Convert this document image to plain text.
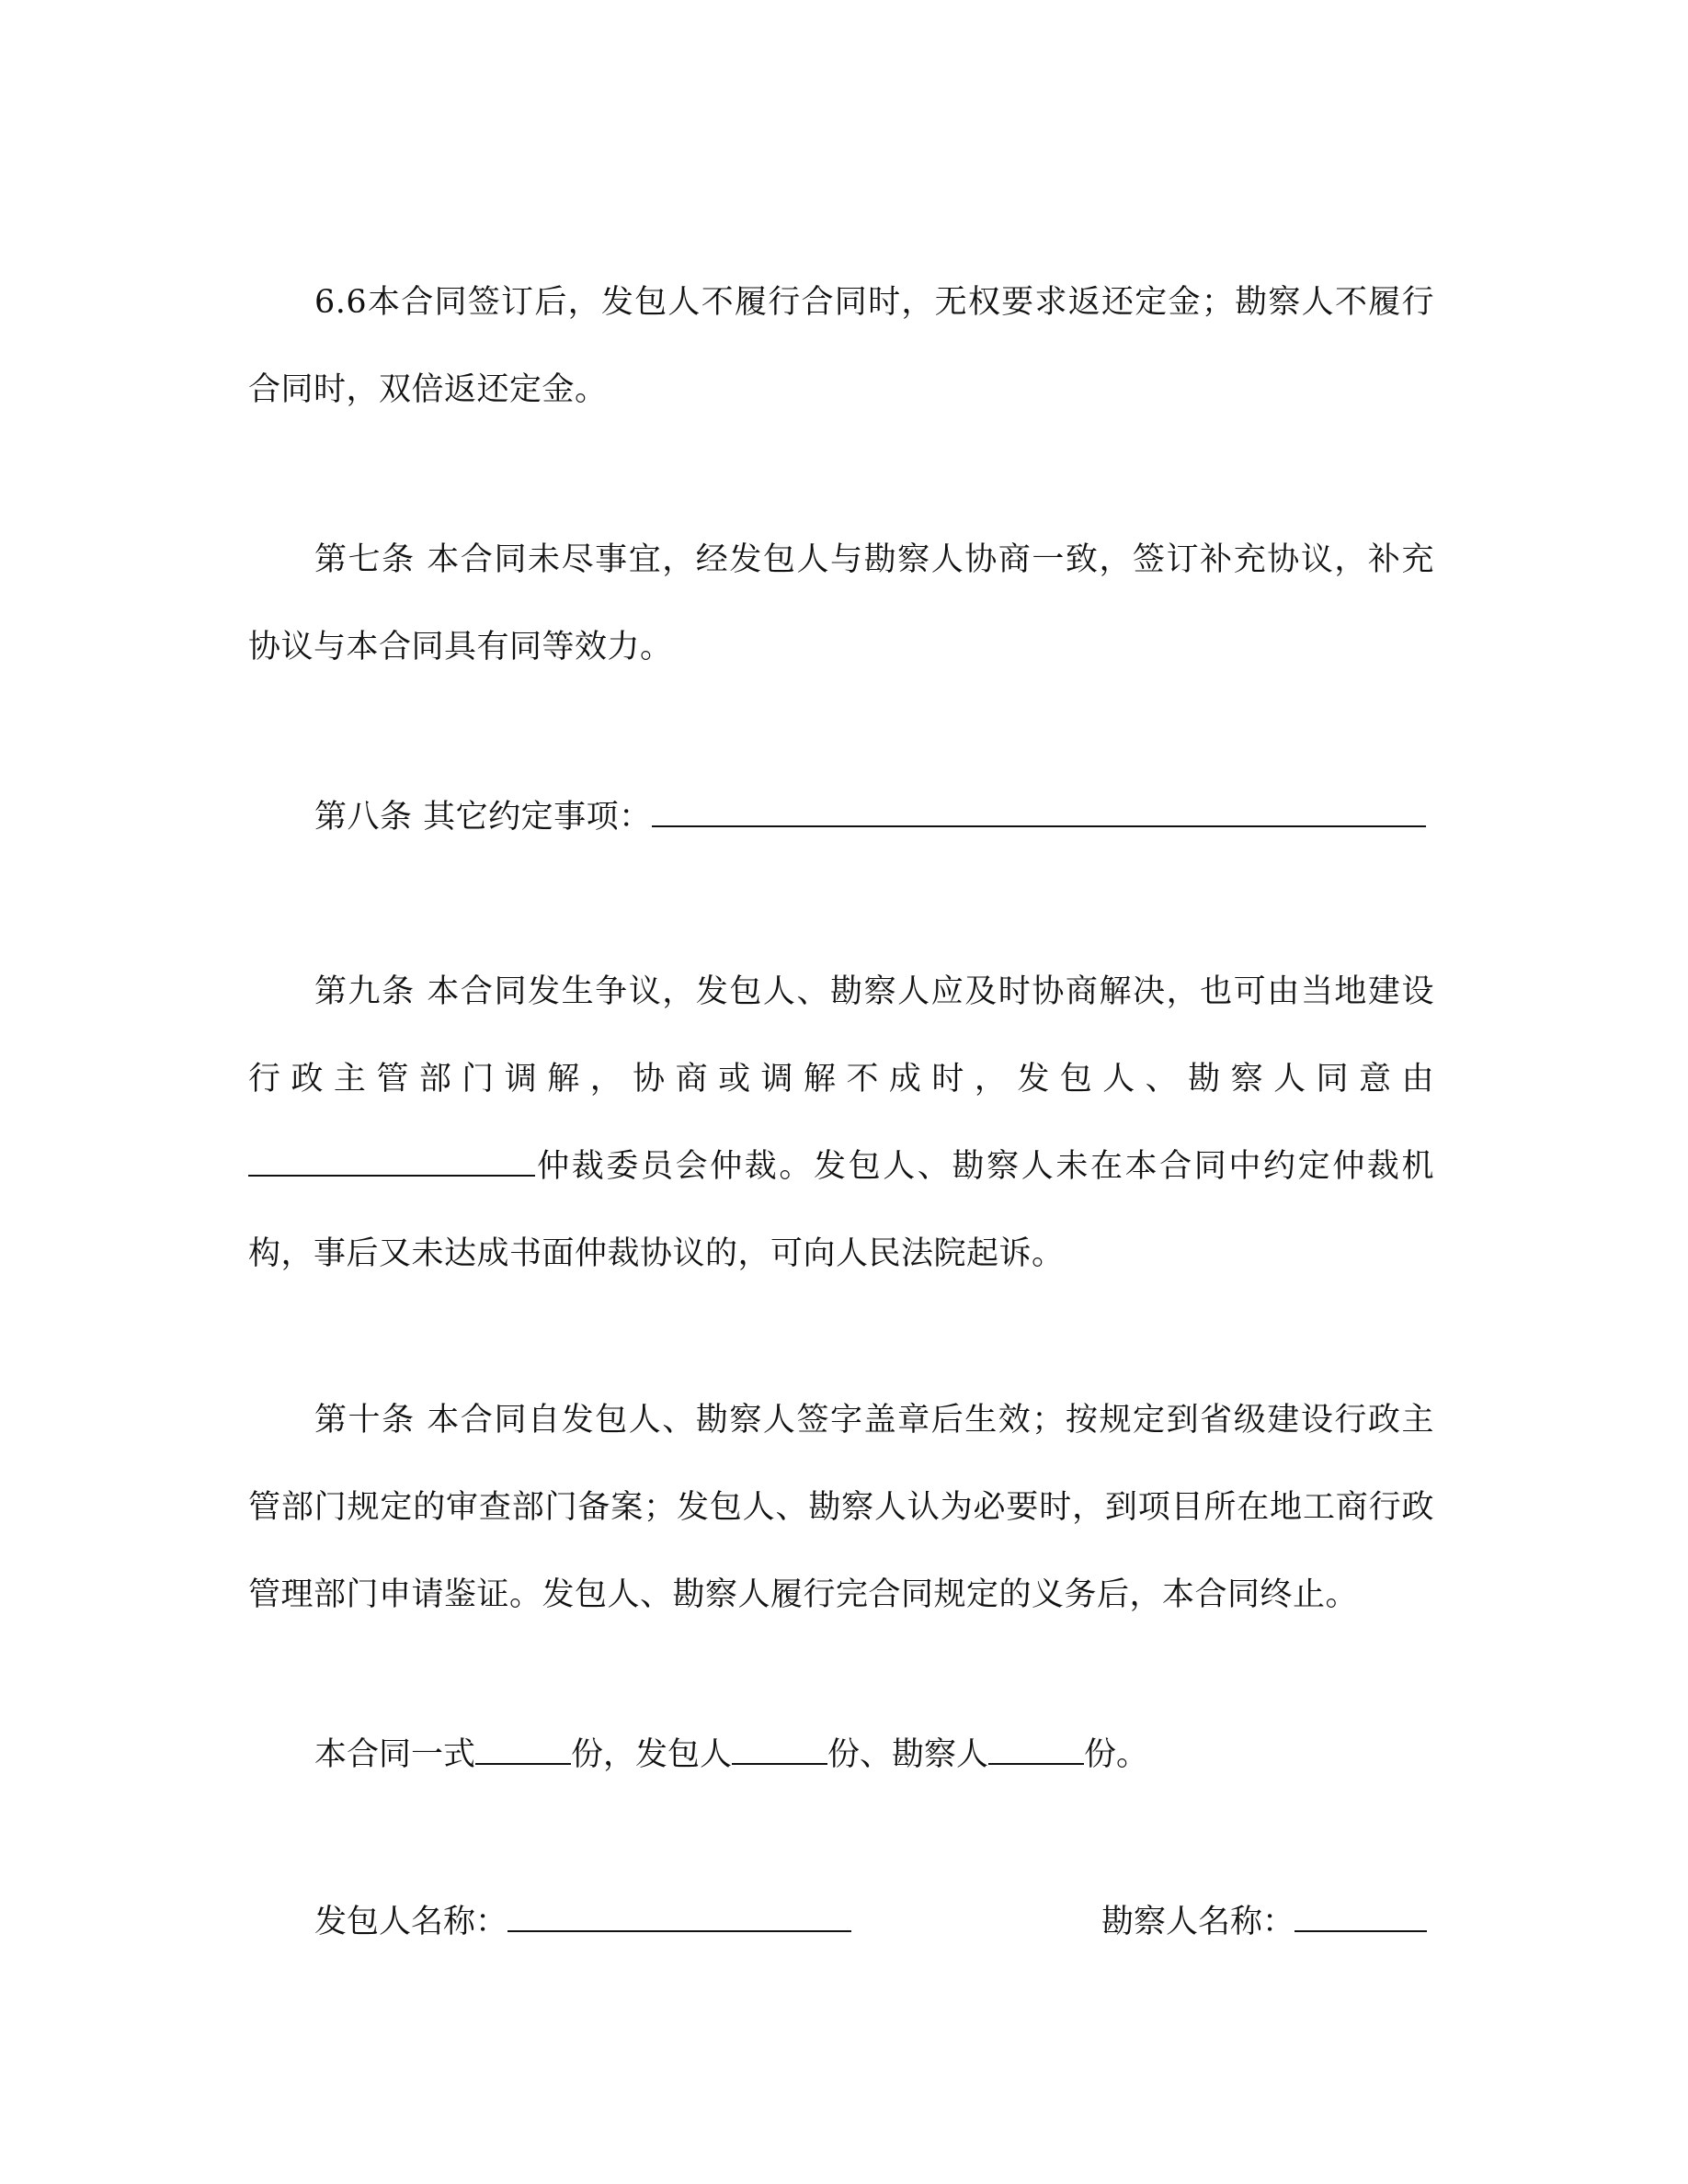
6.6本合同签订后，发包人不履行合同时，无权要求返还定金；勘察人不履行合同时，双倍返还定金。

第七条 本合同未尽事宜，经发包人与勘察人协商一致，签订补充协议，补充协议与本合同具有同等效力。

第八条 其它约定事项：

第九条 本合同发生争议，发包人、勘察人应及时协商解决，也可由当地建设行政主管部门调解，协商或调解不成时，发包人、勘察人同意由仲裁委员会仲裁。发包人、勘察人未在本合同中约定仲裁机构，事后又未达成书面仲裁协议的，可向人民法院起诉。

第十条 本合同自发包人、勘察人签字盖章后生效；按规定到省级建设行政主管部门规定的审查部门备案；发包人、勘察人认为必要时，到项目所在地工商行政管理部门申请鉴证。发包人、勘察人履行完合同规定的义务后，本合同终止。

本合同一式	份，发包人	份、勘察人	份。

发包人名称：	勘察人名称：
